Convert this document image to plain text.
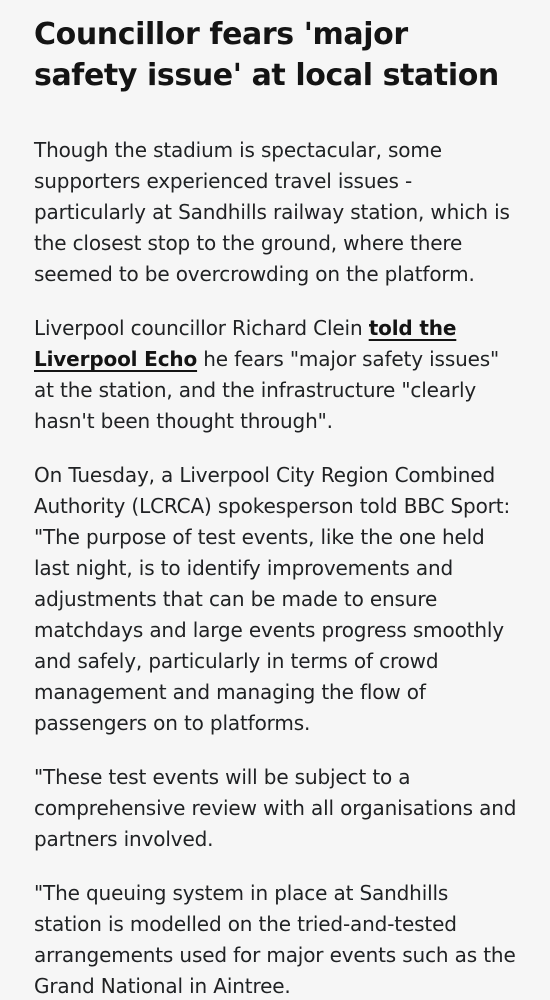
Councillor fears 'major safety issue' at local station

Though the stadium is spectacular, some supporters experienced travel issues - particularly at Sandhills railway station, which is the closest stop to the ground, where there seemed to be overcrowding on the platform.

Liverpool councillor Richard Clein told the Liverpool Echo he fears "major safety issues" at the station, and the infrastructure "clearly hasn't been thought through".

On Tuesday, a Liverpool City Region Combined Authority (LCRCA) spokesperson told BBC Sport: "The purpose of test events, like the one held last night, is to identify improvements and adjustments that can be made to ensure matchdays and large events progress smoothly and safely, particularly in terms of crowd management and managing the flow of passengers on to platforms.

"These test events will be subject to a comprehensive review with all organisations and partners involved.

"The queuing system in place at Sandhills station is modelled on the tried-and-tested arrangements used for major events such as the Grand National in Aintree.
